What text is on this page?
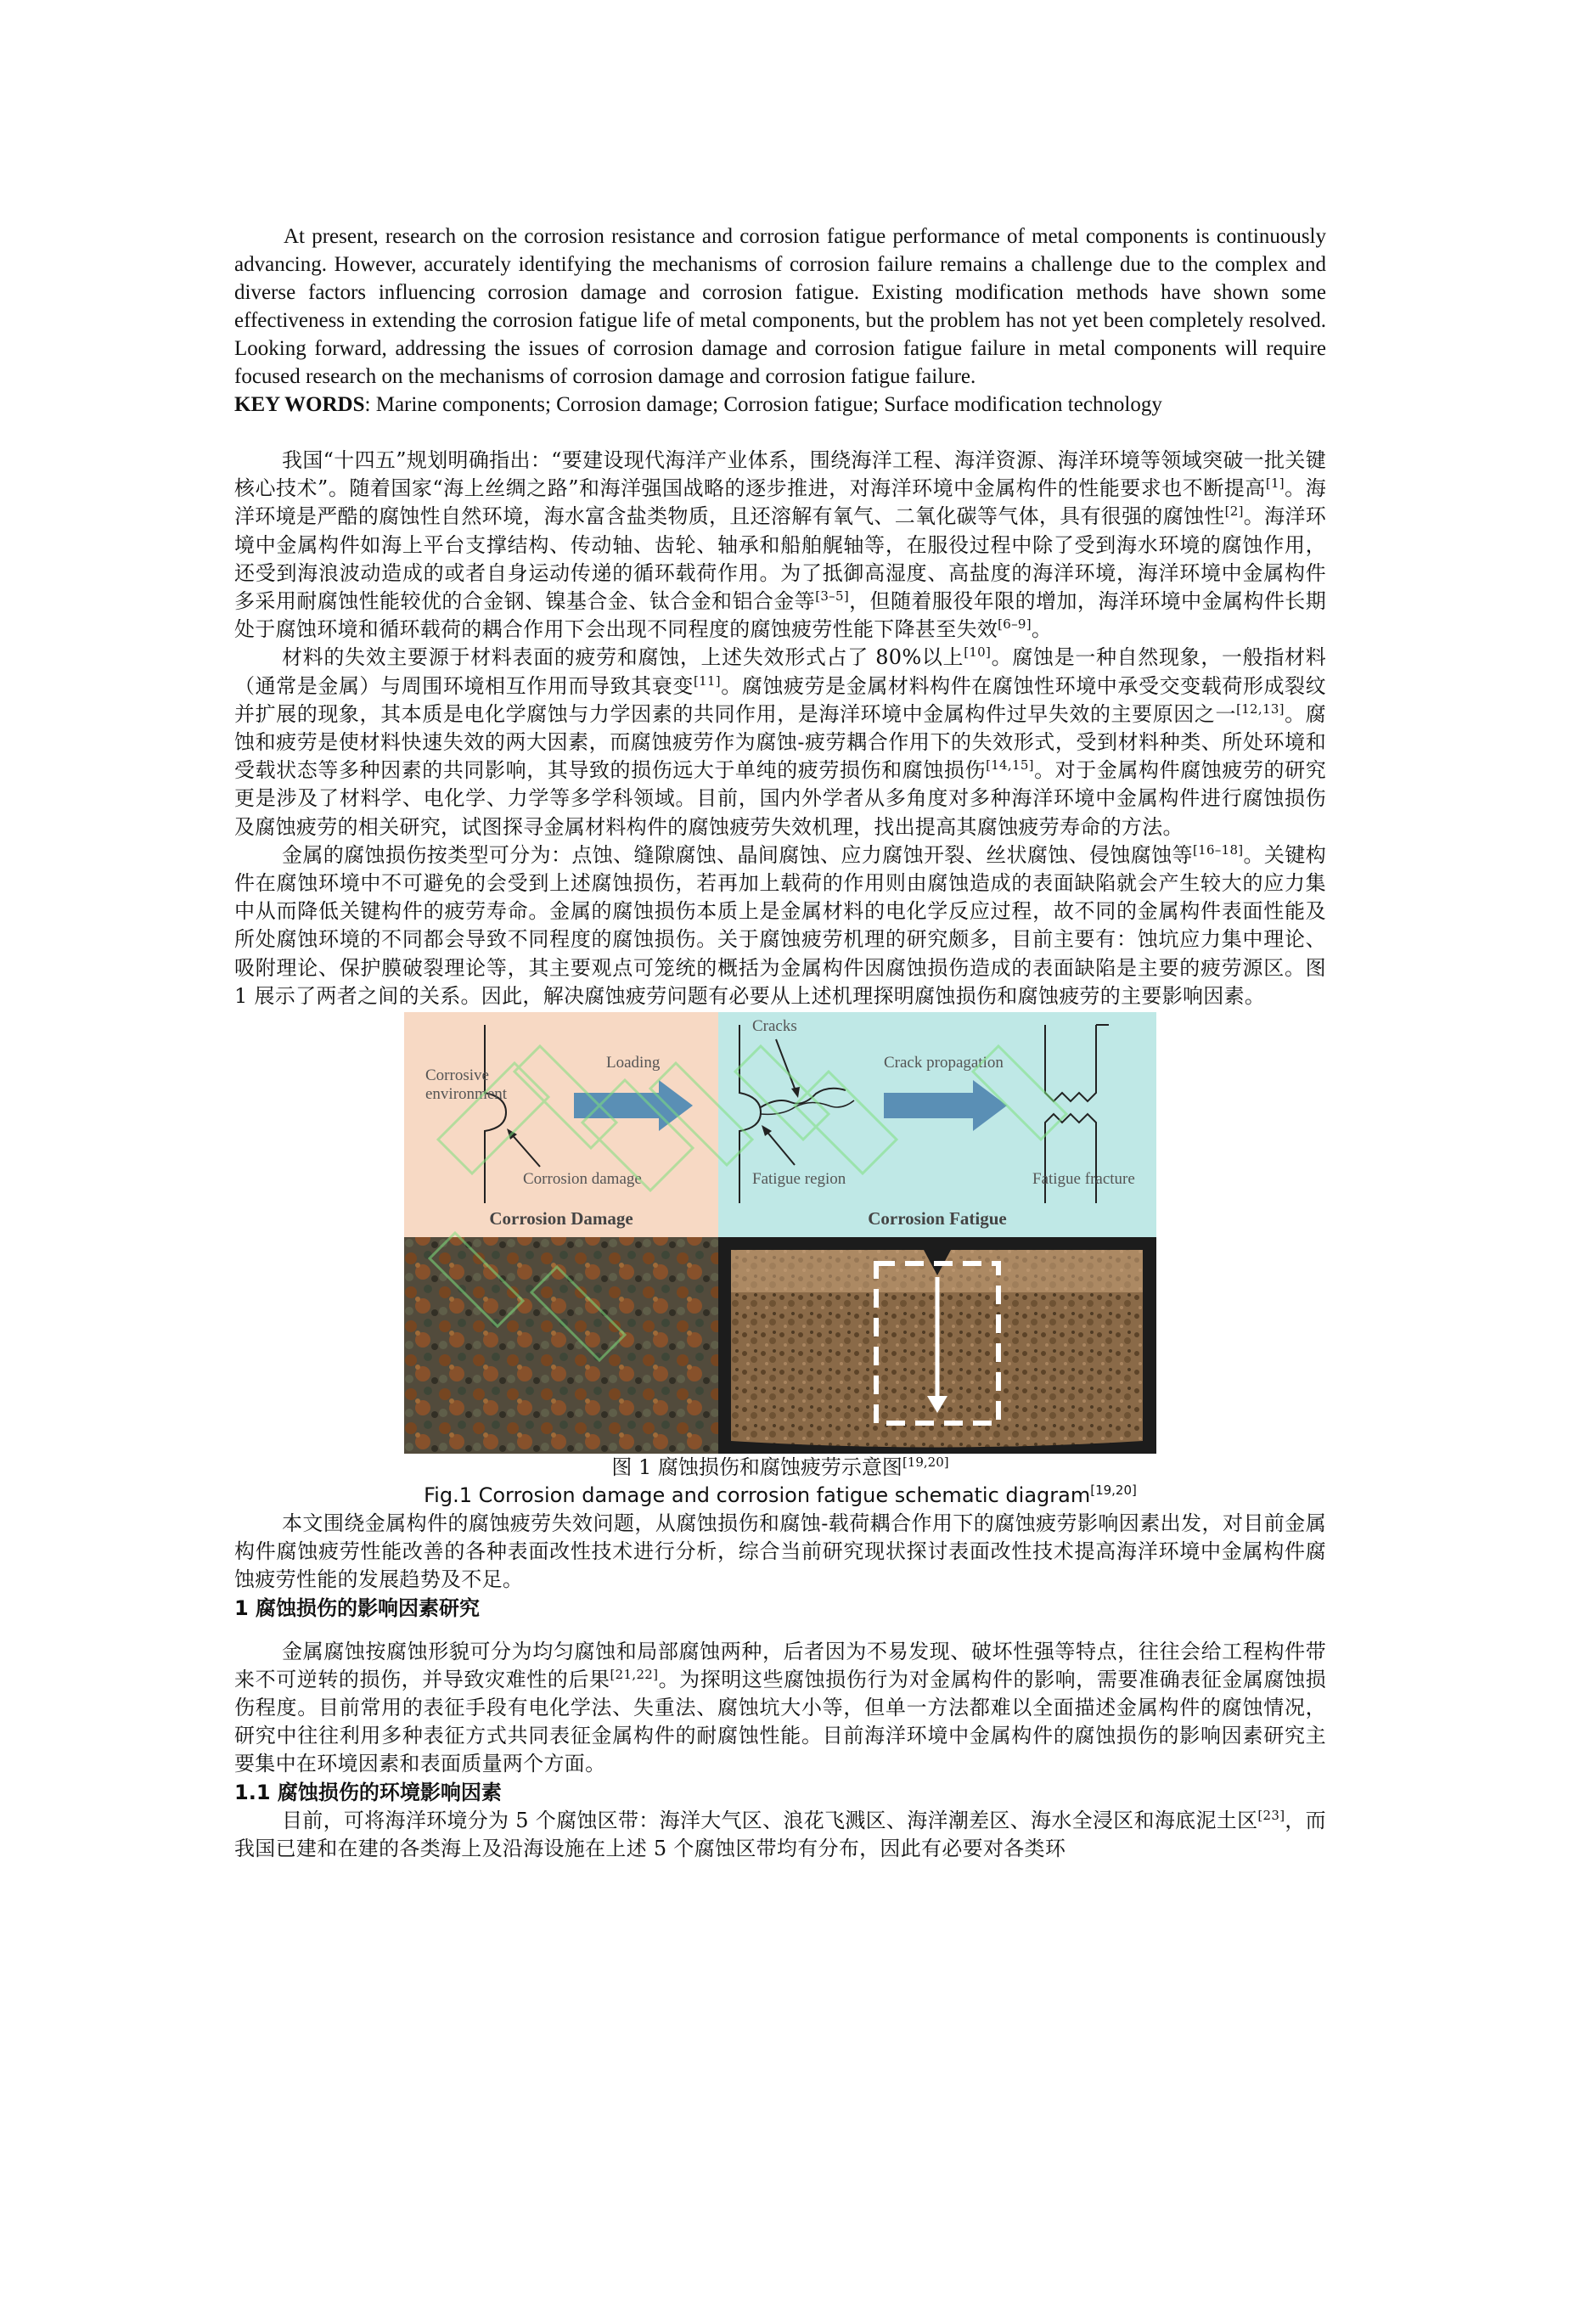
At present, research on the corrosion resistance and corrosion fatigue performance of metal components is continuously advancing. However, accurately identifying the mechanisms of corrosion failure remains a challenge due to the complex and diverse factors influencing corrosion damage and corrosion fatigue. Existing modification methods have shown some effectiveness in extending the corrosion fatigue life of metal components, but the problem has not yet been completely resolved. Looking forward, addressing the issues of corrosion damage and corrosion fatigue failure in metal components will require focused research on the mechanisms of corrosion damage and corrosion fatigue failure.

KEY WORDS: Marine components; Corrosion damage; Corrosion fatigue; Surface modification technology

我国“十四五”规划明确指出：“要建设现代海洋产业体系，围绕海洋工程、海洋资源、海洋环境等领域突破一批关键核心技术”。随着国家“海上丝绸之路”和海洋强国战略的逐步推进，对海洋环境中金属构件的性能要求也不断提高[1]。海洋环境是严酷的腐蚀性自然环境，海水富含盐类物质，且还溶解有氧气、二氧化碳等气体，具有很强的腐蚀性[2]。海洋环境中金属构件如海上平台支撑结构、传动轴、齿轮、轴承和船舶艉轴等，在服役过程中除了受到海水环境的腐蚀作用，还受到海浪波动造成的或者自身运动传递的循环载荷作用。为了抵御高湿度、高盐度的海洋环境，海洋环境中金属构件多采用耐腐蚀性能较优的合金钢、镍基合金、钛合金和铝合金等[3–5]，但随着服役年限的增加，海洋环境中金属构件长期处于腐蚀环境和循环载荷的耦合作用下会出现不同程度的腐蚀疲劳性能下降甚至失效[6–9]。

材料的失效主要源于材料表面的疲劳和腐蚀，上述失效形式占了 80%以上[10]。腐蚀是一种自然现象，一般指材料（通常是金属）与周围环境相互作用而导致其衰变[11]。腐蚀疲劳是金属材料构件在腐蚀性环境中承受交变载荷形成裂纹并扩展的现象，其本质是电化学腐蚀与力学因素的共同作用，是海洋环境中金属构件过早失效的主要原因之一[12,13]。腐蚀和疲劳是使材料快速失效的两大因素，而腐蚀疲劳作为腐蚀-疲劳耦合作用下的失效形式，受到材料种类、所处环境和受载状态等多种因素的共同影响，其导致的损伤远大于单纯的疲劳损伤和腐蚀损伤[14,15]。对于金属构件腐蚀疲劳的研究更是涉及了材料学、电化学、力学等多学科领域。目前，国内外学者从多角度对多种海洋环境中金属构件进行腐蚀损伤及腐蚀疲劳的相关研究，试图探寻金属材料构件的腐蚀疲劳失效机理，找出提高其腐蚀疲劳寿命的方法。

金属的腐蚀损伤按类型可分为：点蚀、缝隙腐蚀、晶间腐蚀、应力腐蚀开裂、丝状腐蚀、侵蚀腐蚀等[16–18]。关键构件在腐蚀环境中不可避免的会受到上述腐蚀损伤，若再加上载荷的作用则由腐蚀造成的表面缺陷就会产生较大的应力集中从而降低关键构件的疲劳寿命。金属的腐蚀损伤本质上是金属材料的电化学反应过程，故不同的金属构件表面性能及所处腐蚀环境的不同都会导致不同程度的腐蚀损伤。关于腐蚀疲劳机理的研究颇多，目前主要有：蚀坑应力集中理论、吸附理论、保护膜破裂理论等，其主要观点可笼统的概括为金属构件因腐蚀损伤造成的表面缺陷是主要的疲劳源区。图 1 展示了两者之间的关系。因此，解决腐蚀疲劳问题有必要从上述机理探明腐蚀损伤和腐蚀疲劳的主要影响因素。

Corrosive
environment
Corrosion damage
Loading
Cracks
Fatigue region
Crack propagation
Fatigue fracture
Corrosion Damage	Corrosion Fatigue

图 1 腐蚀损伤和腐蚀疲劳示意图[19,20]

Fig.1 Corrosion damage and corrosion fatigue schematic diagram[19,20]

本文围绕金属构件的腐蚀疲劳失效问题，从腐蚀损伤和腐蚀-载荷耦合作用下的腐蚀疲劳影响因素出发，对目前金属构件腐蚀疲劳性能改善的各种表面改性技术进行分析，综合当前研究现状探讨表面改性技术提高海洋环境中金属构件腐蚀疲劳性能的发展趋势及不足。

1 腐蚀损伤的影响因素研究

金属腐蚀按腐蚀形貌可分为均匀腐蚀和局部腐蚀两种，后者因为不易发现、破坏性强等特点，往往会给工程构件带来不可逆转的损伤，并导致灾难性的后果[21,22]。为探明这些腐蚀损伤行为对金属构件的影响，需要准确表征金属腐蚀损伤程度。目前常用的表征手段有电化学法、失重法、腐蚀坑大小等，但单一方法都难以全面描述金属构件的腐蚀情况，研究中往往利用多种表征方式共同表征金属构件的耐腐蚀性能。目前海洋环境中金属构件的腐蚀损伤的影响因素研究主要集中在环境因素和表面质量两个方面。

1.1 腐蚀损伤的环境影响因素

目前，可将海洋环境分为 5 个腐蚀区带：海洋大气区、浪花飞溅区、海洋潮差区、海水全浸区和海底泥土区[23]，而我国已建和在建的各类海上及沿海设施在上述 5 个腐蚀区带均有分布，因此有必要对各类环
